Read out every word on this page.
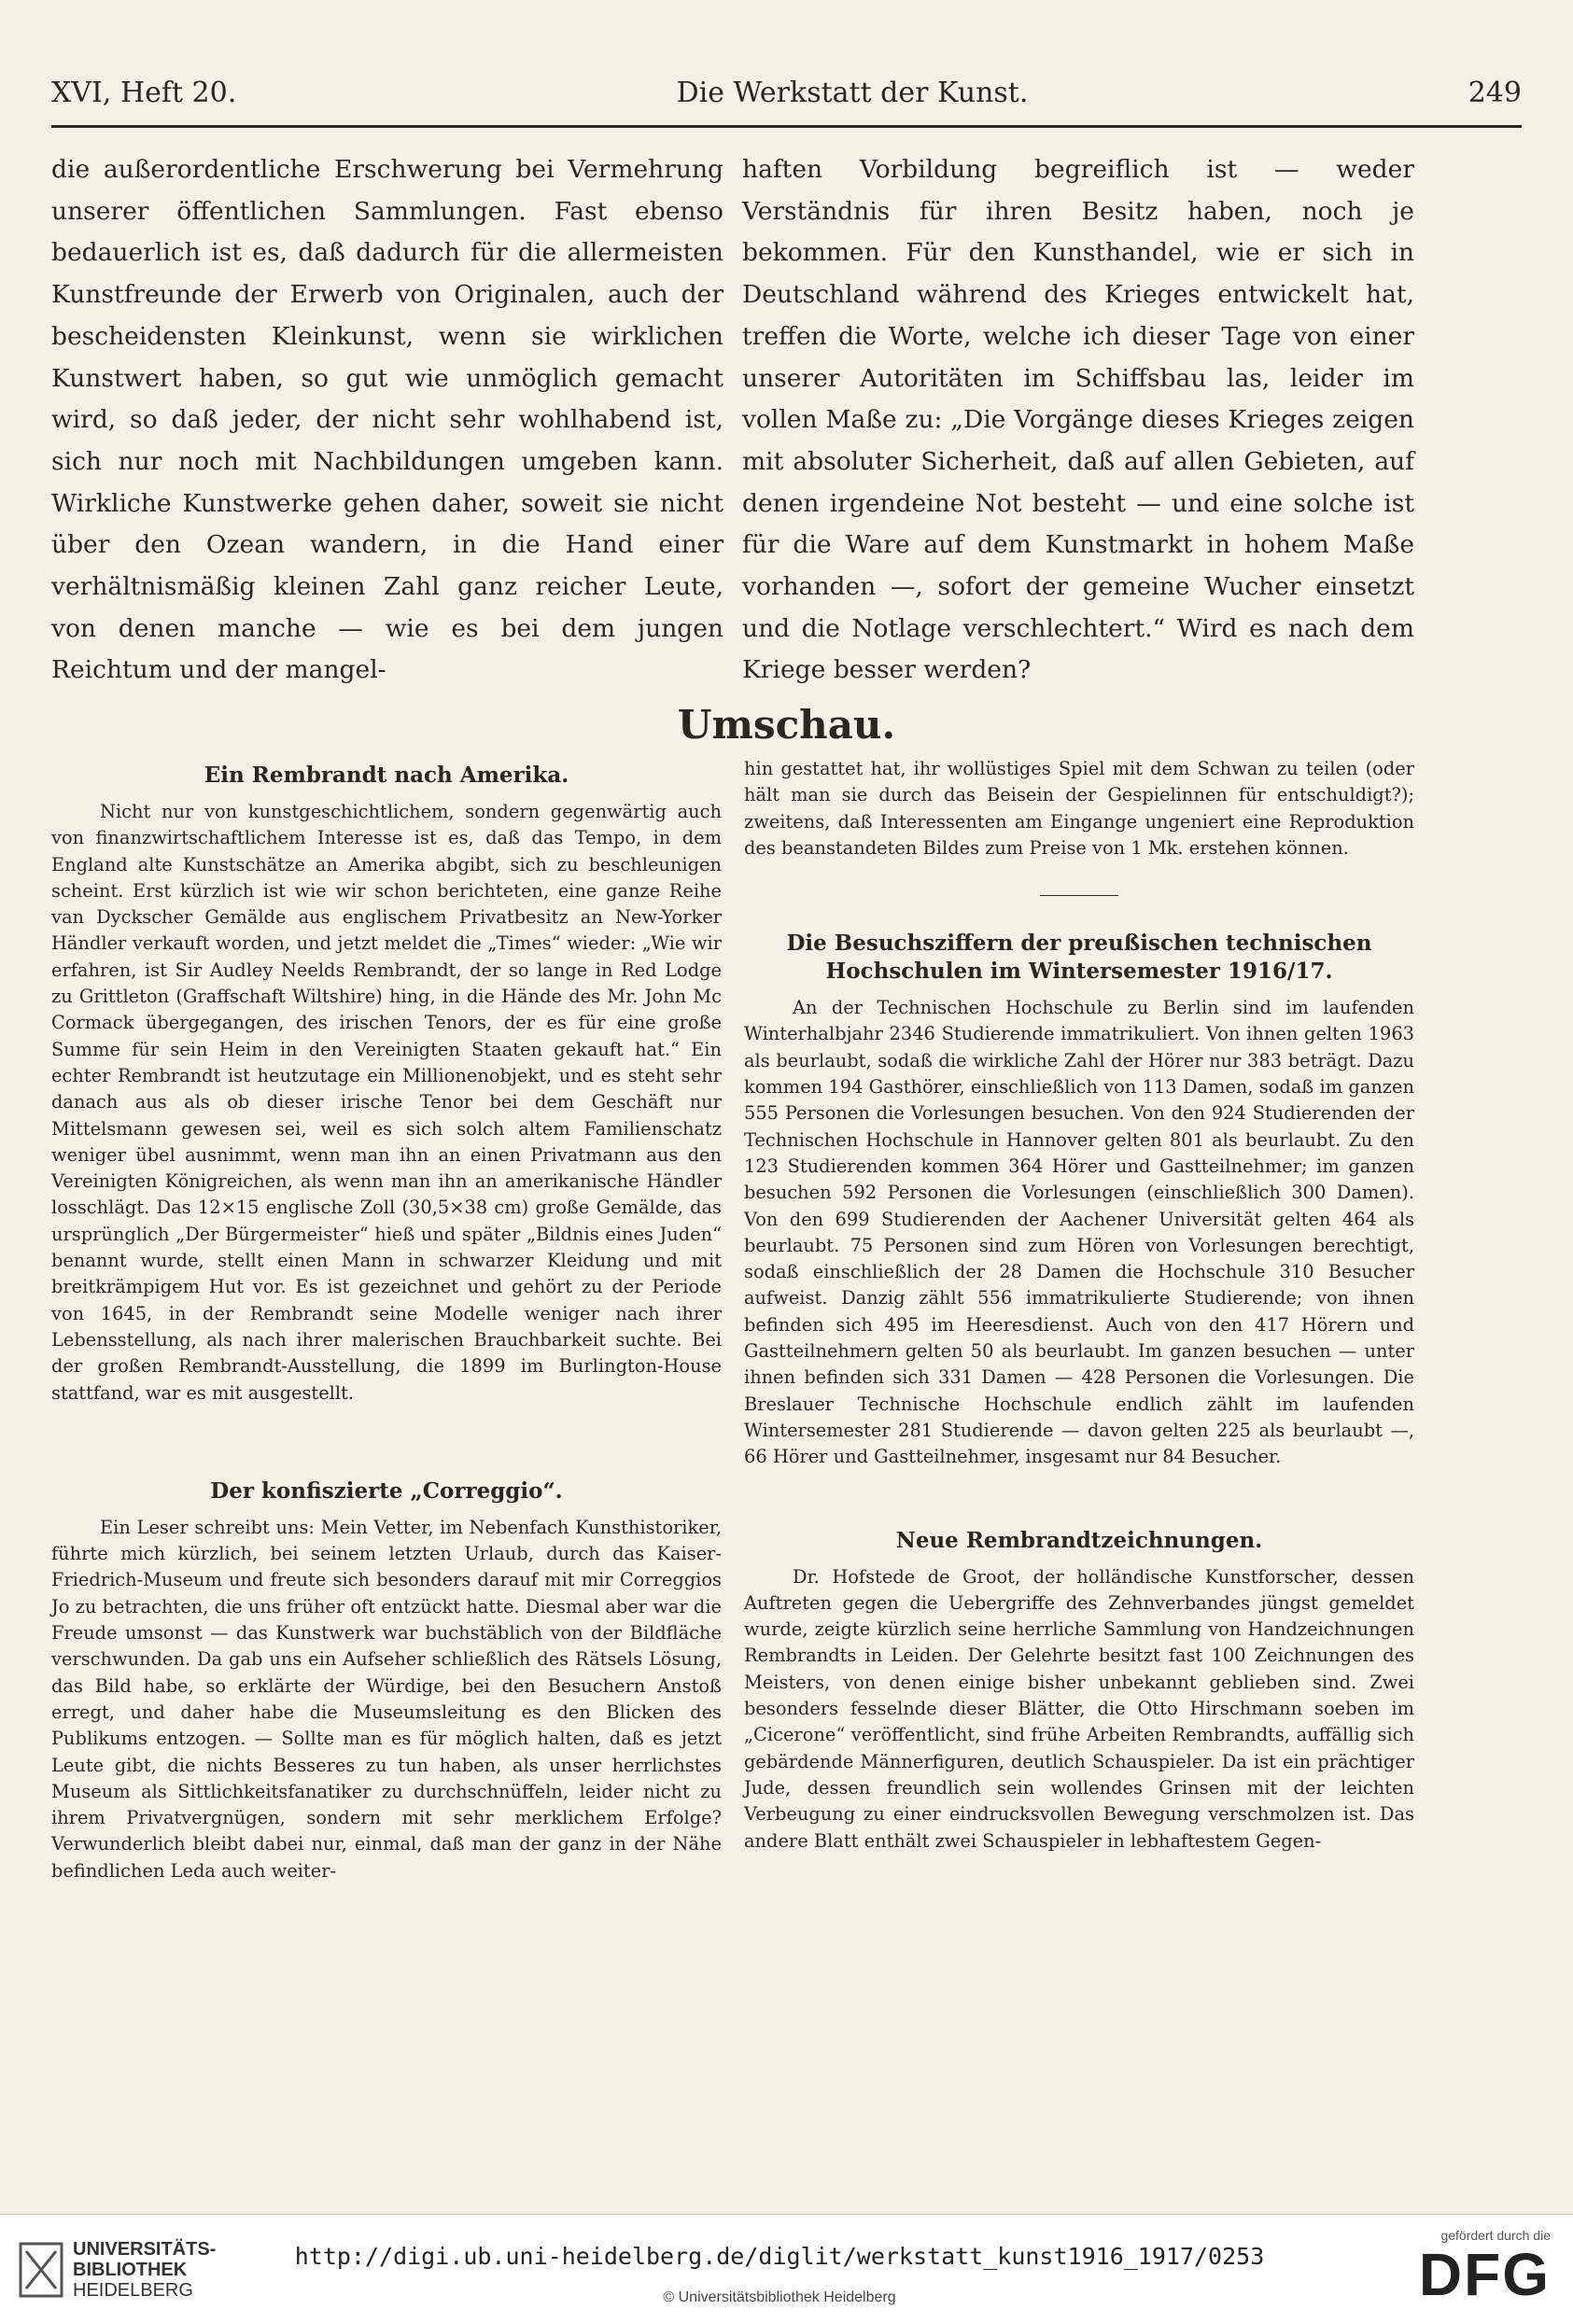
XVI, Heft 20.	Die Werkstatt der Kunst.	249

die außerordentliche Erschwerung bei Vermehrung unserer öffentlichen Sammlungen. Fast ebenso bedauerlich ist es, daß dadurch für die allermeisten Kunstfreunde der Erwerb von Originalen, auch der bescheidensten Kleinkunst, wenn sie wirklichen Kunstwert haben, so gut wie unmöglich gemacht wird, so daß jeder, der nicht sehr wohlhabend ist, sich nur noch mit Nachbildungen umgeben kann. Wirkliche Kunstwerke gehen daher, soweit sie nicht über den Ozean wandern, in die Hand einer verhältnismäßig kleinen Zahl ganz reicher Leute, von denen manche — wie es bei dem jungen Reichtum und der mangel-

haften Vorbildung begreiflich ist — weder Verständnis für ihren Besitz haben, noch je bekommen. Für den Kunsthandel, wie er sich in Deutschland während des Krieges entwickelt hat, treffen die Worte, welche ich dieser Tage von einer unserer Autoritäten im Schiffsbau las, leider im vollen Maße zu: „Die Vorgänge dieses Krieges zeigen mit absoluter Sicherheit, daß auf allen Gebieten, auf denen irgendeine Not besteht — und eine solche ist für die Ware auf dem Kunstmarkt in hohem Maße vorhanden —, sofort der gemeine Wucher einsetzt und die Notlage verschlechtert.“ Wird es nach dem Kriege besser werden?

Umschau.
Ein Rembrandt nach Amerika.

Nicht nur von kunstgeschichtlichem, sondern gegenwärtig auch von finanzwirtschaftlichem Interesse ist es, daß das Tempo, in dem England alte Kunstschätze an Amerika abgibt, sich zu beschleunigen scheint. Erst kürzlich ist wie wir schon berichteten, eine ganze Reihe van Dyckscher Gemälde aus englischem Privatbesitz an New-Yorker Händler verkauft worden, und jetzt meldet die „Times“ wieder: „Wie wir erfahren, ist Sir Audley Neelds Rembrandt, der so lange in Red Lodge zu Grittleton (Graffschaft Wiltshire) hing, in die Hände des Mr. John Mc Cormack übergegangen, des irischen Tenors, der es für eine große Summe für sein Heim in den Vereinigten Staaten gekauft hat.“ Ein echter Rembrandt ist heutzutage ein Millionenobjekt, und es steht sehr danach aus als ob dieser irische Tenor bei dem Geschäft nur Mittelsmann gewesen sei, weil es sich solch altem Familienschatz weniger übel ausnimmt, wenn man ihn an einen Privatmann aus den Vereinigten Königreichen, als wenn man ihn an amerikanische Händler losschlägt. Das 12×15 englische Zoll (30,5×38 cm) große Gemälde, das ursprünglich „Der Bürgermeister“ hieß und später „Bildnis eines Juden“ benannt wurde, stellt einen Mann in schwarzer Kleidung und mit breitkrämpigem Hut vor. Es ist gezeichnet und gehört zu der Periode von 1645, in der Rembrandt seine Modelle weniger nach ihrer Lebensstellung, als nach ihrer malerischen Brauchbarkeit suchte. Bei der großen Rembrandt-Ausstellung, die 1899 im Burlington-House stattfand, war es mit ausgestellt.

Der konfiszierte „Correggio“.

Ein Leser schreibt uns: Mein Vetter, im Nebenfach Kunsthistoriker, führte mich kürzlich, bei seinem letzten Urlaub, durch das Kaiser-Friedrich-Museum und freute sich besonders darauf mit mir Correggios Jo zu betrachten, die uns früher oft entzückt hatte. Diesmal aber war die Freude umsonst — das Kunstwerk war buchstäblich von der Bildfläche verschwunden. Da gab uns ein Aufseher schließlich des Rätsels Lösung, das Bild habe, so erklärte der Würdige, bei den Besuchern Anstoß erregt, und daher habe die Museumsleitung es den Blicken des Publikums entzogen. — Sollte man es für möglich halten, daß es jetzt Leute gibt, die nichts Besseres zu tun haben, als unser herrlichstes Museum als Sittlichkeitsfanatiker zu durchschnüffeln, leider nicht zu ihrem Privatvergnügen, sondern mit sehr merklichem Erfolge? Verwunderlich bleibt dabei nur, einmal, daß man der ganz in der Nähe befindlichen Leda auch weiter-

hin gestattet hat, ihr wollüstiges Spiel mit dem Schwan zu teilen (oder hält man sie durch das Beisein der Gespielinnen für entschuldigt?); zweitens, daß Interessenten am Eingange ungeniert eine Reproduktion des beanstandeten Bildes zum Preise von 1 Mk. erstehen können.

Die Besuchsziffern der preußischen technischen Hochschulen im Wintersemester 1916/17.

An der Technischen Hochschule zu Berlin sind im laufenden Winterhalbjahr 2346 Studierende immatrikuliert. Von ihnen gelten 1963 als beurlaubt, sodaß die wirkliche Zahl der Hörer nur 383 beträgt. Dazu kommen 194 Gasthörer, einschließlich von 113 Damen, sodaß im ganzen 555 Personen die Vorlesungen besuchen. Von den 924 Studierenden der Technischen Hochschule in Hannover gelten 801 als beurlaubt. Zu den 123 Studierenden kommen 364 Hörer und Gastteilnehmer; im ganzen besuchen 592 Personen die Vorlesungen (einschließlich 300 Damen). Von den 699 Studierenden der Aachener Universität gelten 464 als beurlaubt. 75 Personen sind zum Hören von Vorlesungen berechtigt, sodaß einschließlich der 28 Damen die Hochschule 310 Besucher aufweist. Danzig zählt 556 immatrikulierte Studierende; von ihnen befinden sich 495 im Heeresdienst. Auch von den 417 Hörern und Gastteilnehmern gelten 50 als beurlaubt. Im ganzen besuchen — unter ihnen befinden sich 331 Damen — 428 Personen die Vorlesungen. Die Breslauer Technische Hochschule endlich zählt im laufenden Wintersemester 281 Studierende — davon gelten 225 als beurlaubt —, 66 Hörer und Gastteilnehmer, insgesamt nur 84 Besucher.

Neue Rembrandtzeichnungen.

Dr. Hofstede de Groot, der holländische Kunstforscher, dessen Auftreten gegen die Uebergriffe des Zehnverbandes jüngst gemeldet wurde, zeigte kürzlich seine herrliche Sammlung von Handzeichnungen Rembrandts in Leiden. Der Gelehrte besitzt fast 100 Zeichnungen des Meisters, von denen einige bisher unbekannt geblieben sind. Zwei besonders fesselnde dieser Blätter, die Otto Hirschmann soeben im „Cicerone“ veröffentlicht, sind frühe Arbeiten Rembrandts, auffällig sich gebärdende Männerfiguren, deutlich Schauspieler. Da ist ein prächtiger Jude, dessen freundlich sein wollendes Grinsen mit der leichten Verbeugung zu einer eindrucksvollen Bewegung verschmolzen ist. Das andere Blatt enthält zwei Schauspieler in lebhaftestem Gegen-

UNIVERSITÄTS-
BIBLIOTHEK
HEIDELBERG
http://digi.ub.uni-heidelberg.de/diglit/werkstatt_kunst1916_1917/0253
© Universitätsbibliothek Heidelberg
gefördert durch die
DFG
